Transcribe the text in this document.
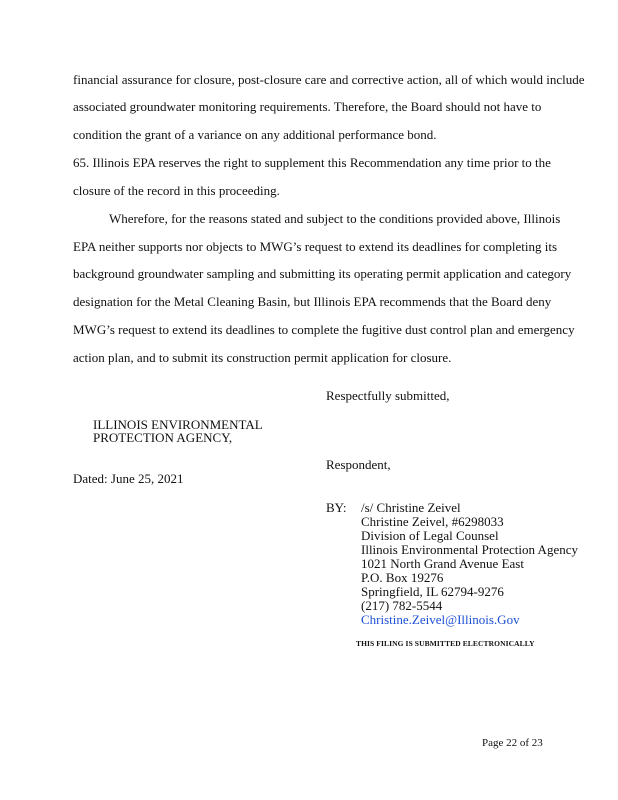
financial assurance for closure, post-closure care and corrective action, all of which would include
associated groundwater monitoring requirements. Therefore, the Board should not have to
condition the grant of a variance on any additional performance bond.
65. Illinois EPA reserves the right to supplement this Recommendation any time prior to the
closure of the record in this proceeding.
Wherefore, for the reasons stated and subject to the conditions provided above, Illinois
EPA neither supports nor objects to MWG’s request to extend its deadlines for completing its
background groundwater sampling and submitting its operating permit application and category
designation for the Metal Cleaning Basin, but Illinois EPA recommends that the Board deny
MWG’s request to extend its deadlines to complete the fugitive dust control plan and emergency
action plan, and to submit its construction permit application for closure.
Respectfully submitted,
ILLINOIS ENVIRONMENTAL
PROTECTION AGENCY,
Respondent,
Dated: June 25, 2021
BY: /s/ Christine Zeivel
Christine Zeivel, #6298033
Division of Legal Counsel
Illinois Environmental Protection Agency
1021 North Grand Avenue East
P.O. Box 19276
Springfield, IL 62794-9276
(217) 782-5544
Christine.Zeivel@Illinois.Gov
THIS FILING IS SUBMITTED ELECTRONICALLY
Page 22 of 23
